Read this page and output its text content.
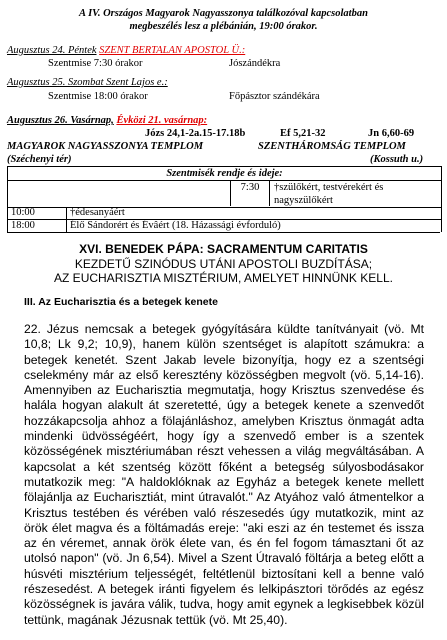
A IV. Országos Magyarok Nagyasszonya találkozóval kapcsolatban
megbeszélés lesz a plébánián, 19:00 órakor.
Augusztus 24. Péntek SZENT BERTALAN APOSTOL Ü.:
Szentmise 7:30 órakor	Jószándékra
Augusztus 25. Szombat Szent Lajos e.:
Szentmise 18:00 órakor	Főpásztor szándékára
Augusztus 26. Vasárnap, Évközi 21. vasárnap:
Józs 24,1-2a.15-17.18b	Ef 5,21-32	Jn 6,60-69
MAGYAROK NAGYASSZONYA TEMPLOM	SZENTHÁROMSÁG TEMPLOM
(Széchenyi tér)	(Kossuth u.)
Szentmisék rendje és ideje:
7:30	†szülőkért, testvérekért és nagyszülőkért
10:00	†édesanyáért
18:00	Élő Sándorért és Évâért (18. Házassági évforduló)
XVI. BENEDEK PÁPA: SACRAMENTUM CARITATIS
KEZDETŰ SZINÓDUS UTÁNI APOSTOLI BUZDÍTÁSA;
AZ EUCHARISZTIA MISZTÉRIUM, AMELYET HINNÜNK KELL.
III. Az Eucharisztia és a betegek kenete

22. Jézus nemcsak a betegek gyógyítására küldte tanítványait (vö. Mt 10,8; Lk 9,2; 10,9), hanem külön szentséget is alapított számukra: a betegek kenetét. Szent Jakab levele bizonyítja, hogy ez a szentségi cselekmény már az első keresztény közösségben megvolt (vö. 5,14-16). Amennyiben az Eucharisztia megmutatja, hogy Krisztus szenvedése és halála hogyan alakult át szeretetté, úgy a betegek kenete a szenvedőt hozzákapcsolja ahhoz a fölajánláshoz, amelyben Krisztus önmagát adta mindenki üdvösségéért, hogy így a szenvedő ember is a szentek közösségének misztériumában részt vehessen a világ megváltásában. A kapcsolat a két szentség között főként a betegség súlyosbodásakor mutatkozik meg: "A haldoklóknak az Egyház a betegek kenete mellett fölajánlja az Eucharisztiát, mint útravalót." Az Atyához való átmentelkor a Krisztus testében és vérében való részesedés úgy mutatkozik, mint az örök élet magva és a föltámadás ereje: "aki eszi az én testemet és issza az én véremet, annak örök élete van, és én fel fogom támasztani őt az utolsó napon" (vö. Jn 6,54). Mivel a Szent Útravaló föltárja a beteg előtt a húsvéti misztérium teljességét, feltétlenül biztosítani kell a benne való részesedést. A betegek iránti figyelem és lelkipásztori törődés az egész közösségnek is javára válik, tudva, hogy amit egynek a legkisebbek közül tettünk, magának Jézusnak tettük (vö. Mt 25,40).
